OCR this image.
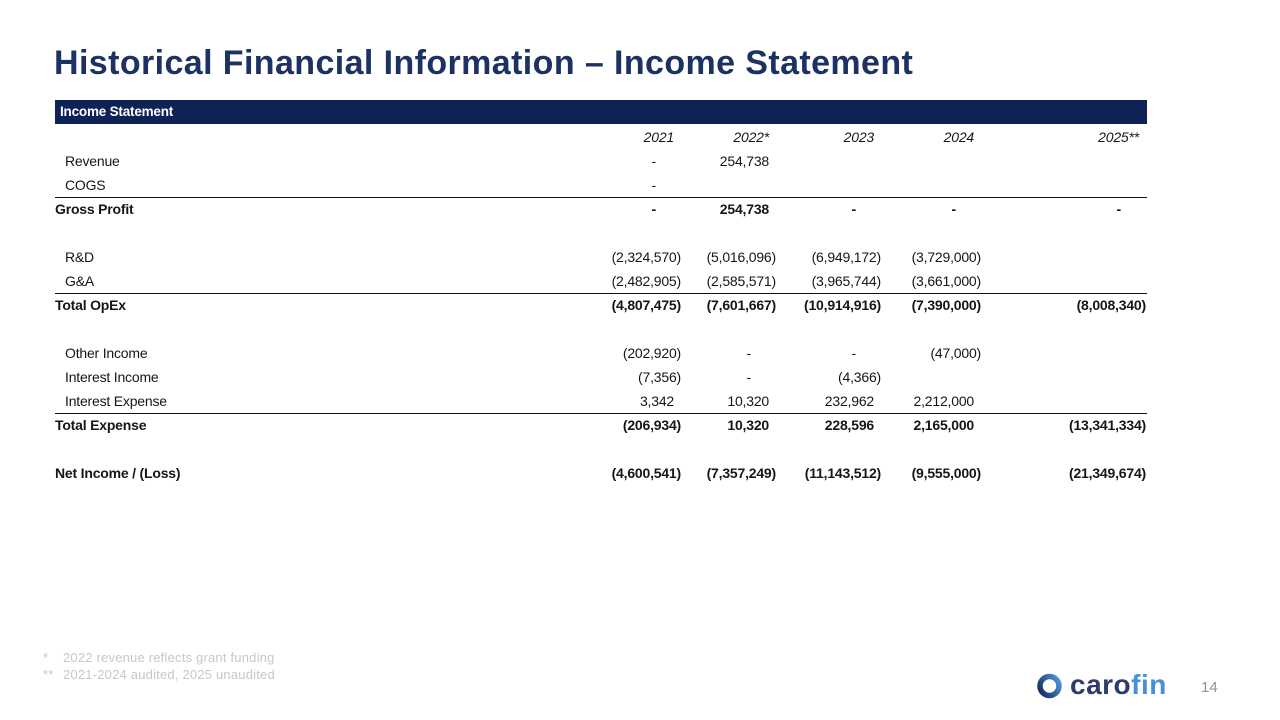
Historical Financial Information – Income Statement
Income Statement
	2021	2022*	2023	2024	2025**
Revenue	-	254,738			
COGS	-				
Gross Profit	-	254,738	-	-	-

R&D	(2,324,570)	(5,016,096)	(6,949,172)	(3,729,000)	
G&A	(2,482,905)	(2,585,571)	(3,965,744)	(3,661,000)	
Total OpEx	(4,807,475)	(7,601,667)	(10,914,916)	(7,390,000)	(8,008,340)

Other Income	(202,920)	-	-	(47,000)	
Interest Income	(7,356)	-	(4,366)		
Interest Expense	3,342	10,320	232,962	2,212,000	
Total Expense	(206,934)	10,320	228,596	2,165,000	(13,341,334)

Net Income / (Loss)	(4,600,541)	(7,357,249)	(11,143,512)	(9,555,000)	(21,349,674)
* 2022 revenue reflects grant funding
** 2021-2024 audited, 2025 unaudited	carofin 14
